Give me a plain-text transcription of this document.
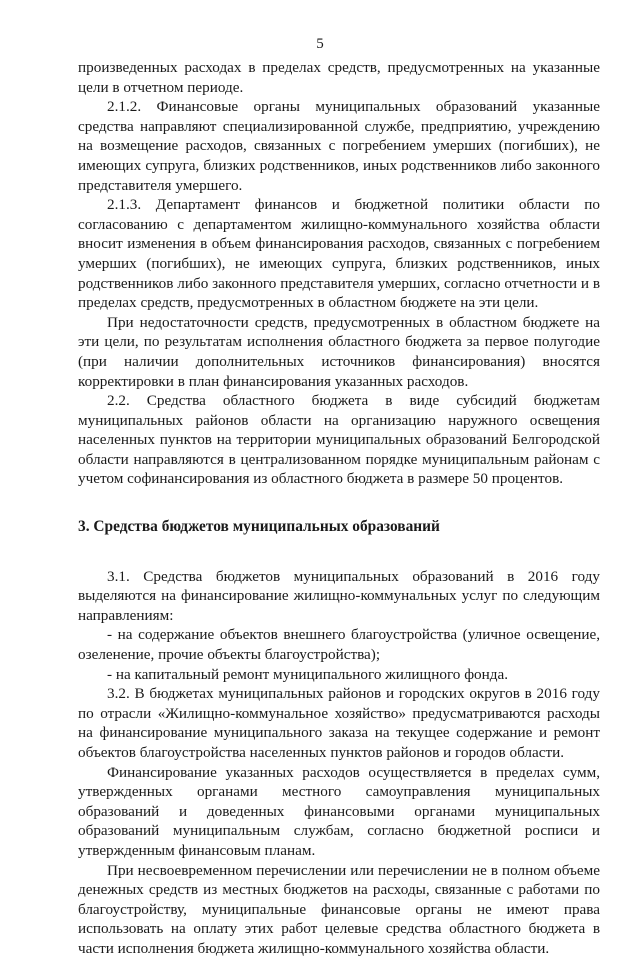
5

произведенных расходах в пределах средств, предусмотренных на указанные цели в отчетном периоде.

2.1.2. Финансовые органы муниципальных образований указанные средства направляют специализированной службе, предприятию, учреждению на возмещение расходов, связанных с погребением умерших (погибших), не имеющих супруга, близких родственников, иных родственников либо законного представителя умершего.

2.1.3. Департамент финансов и бюджетной политики области по согласованию с департаментом жилищно-коммунального хозяйства области вносит изменения в объем финансирования расходов, связанных с погребением умерших (погибших), не имеющих супруга, близких родственников, иных родственников либо законного представителя умерших, согласно отчетности и в пределах средств, предусмотренных в областном бюджете на эти цели.

При недостаточности средств, предусмотренных в областном бюджете на эти цели, по результатам исполнения областного бюджета за первое полугодие (при наличии дополнительных источников финансирования) вносятся корректировки в план финансирования указанных расходов.

2.2. Средства областного бюджета в виде субсидий бюджетам муниципальных районов области на организацию наружного освещения населенных пунктов на территории муниципальных образований Белгородской области направляются в централизованном порядке муниципальным районам с учетом софинансирования из областного бюджета в размере 50 процентов.

3. Средства бюджетов муниципальных образований

3.1. Средства бюджетов муниципальных образований в 2016 году выделяются на финансирование жилищно-коммунальных услуг по следующим направлениям:

- на содержание объектов внешнего благоустройства (уличное освещение, озеленение, прочие объекты благоустройства);

- на капитальный ремонт муниципального жилищного фонда.

3.2. В бюджетах муниципальных районов и городских округов в 2016 году по отрасли «Жилищно-коммунальное хозяйство» предусматриваются расходы на финансирование муниципального заказа на текущее содержание и ремонт объектов благоустройства населенных пунктов районов и городов области.

Финансирование указанных расходов осуществляется в пределах сумм, утвержденных органами местного самоуправления муниципальных образований и доведенных финансовыми органами муниципальных образований муниципальным службам, согласно бюджетной росписи и утвержденным финансовым планам.

При несвоевременном перечислении или перечислении не в полном объеме денежных средств из местных бюджетов на расходы, связанные с работами по благоустройству, муниципальные финансовые органы не имеют права использовать на оплату этих работ целевые средства областного бюджета в части исполнения бюджета жилищно-коммунального хозяйства области.
